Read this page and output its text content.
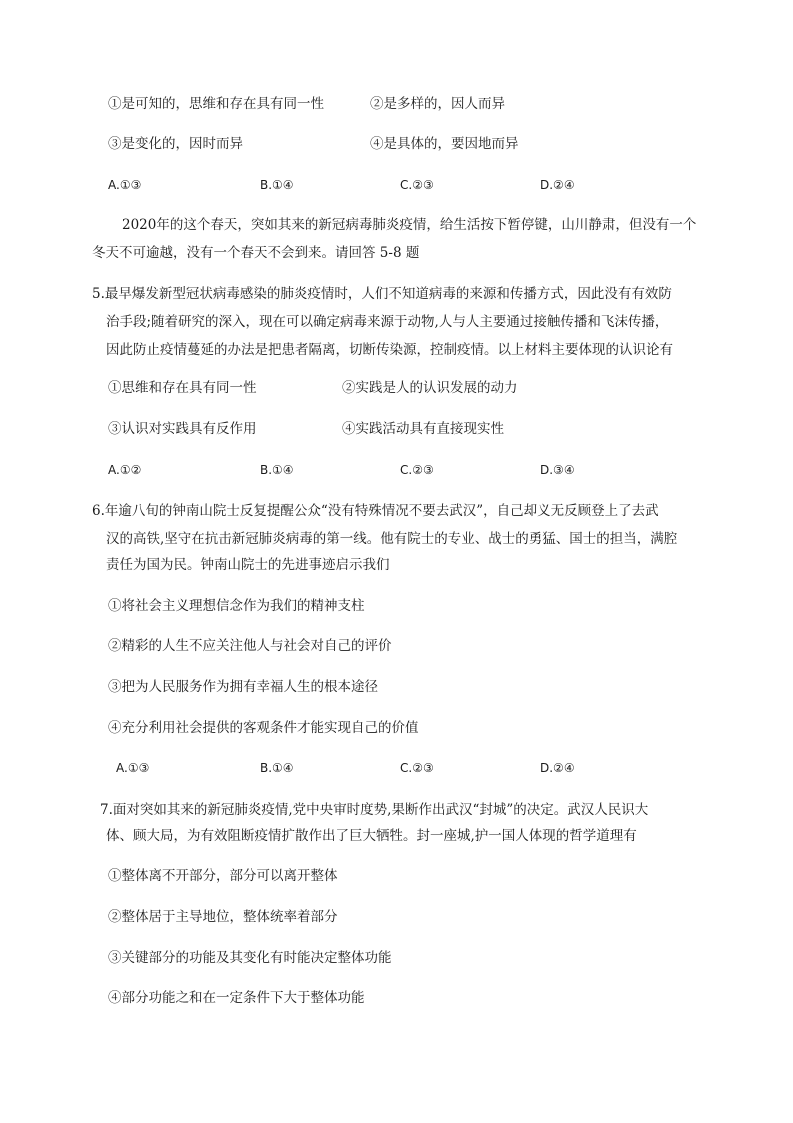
①是可知的，思维和存在具有同一性	②是多样的，因人而异
③是变化的，因时而异	④是具体的，要因地而异
A.①③	B.①④	C.②③	D.②④
2020年的这个春天，突如其来的新冠病毒肺炎疫情，给生活按下暂停键，山川静肃，但没有一个
冬天不可逾越，没有一个春天不会到来。请回答 5-8 题
5.最早爆发新型冠状病毒感染的肺炎疫情时，人们不知道病毒的来源和传播方式，因此没有有效防
治手段;随着研究的深入，现在可以确定病毒来源于动物,人与人主要通过接触传播和飞沫传播，
因此防止疫情蔓延的办法是把患者隔离，切断传染源，控制疫情。以上材料主要体现的认识论有
①思维和存在具有同一性	②实践是人的认识发展的动力
③认识对实践具有反作用	④实践活动具有直接现实性
A.①②	B.①④	C.②③	D.③④
6.年逾八旬的钟南山院士反复提醒公众“没有特殊情况不要去武汉”，自己却义无反顾登上了去武
汉的高铁,坚守在抗击新冠肺炎病毒的第一线。他有院士的专业、战士的勇猛、国士的担当，满腔
责任为国为民。钟南山院士的先进事迹启示我们
①将社会主义理想信念作为我们的精神支柱
②精彩的人生不应关注他人与社会对自己的评价
③把为人民服务作为拥有幸福人生的根本途径
④充分利用社会提供的客观条件才能实现自己的价值
A.①③	B.①④	C.②③	D.②④
7.面对突如其来的新冠肺炎疫情,党中央审时度势,果断作出武汉“封城”的决定。武汉人民识大
体、顾大局，为有效阻断疫情扩散作出了巨大牺牲。封一座城,护一国人体现的哲学道理有
①整体离不开部分，部分可以离开整体
②整体居于主导地位，整体统率着部分
③关键部分的功能及其变化有时能决定整体功能
④部分功能之和在一定条件下大于整体功能
